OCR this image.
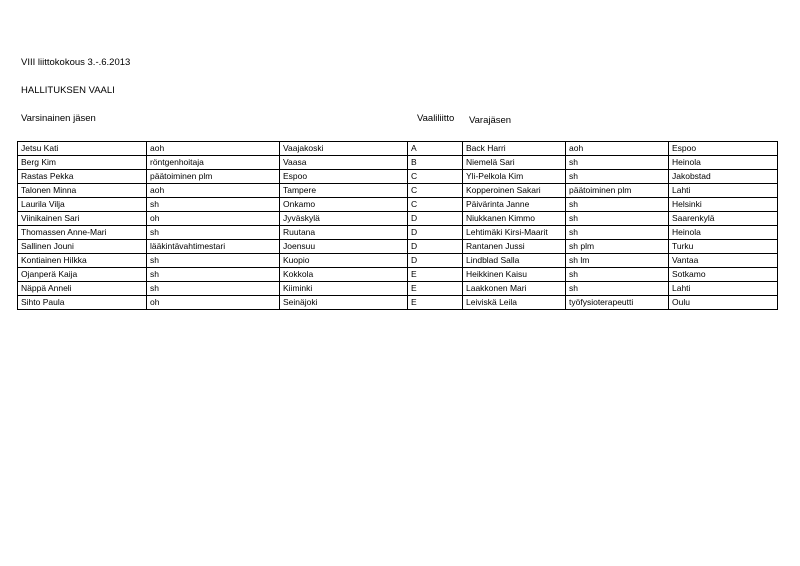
VIII liittokokous 3.-.6.2013
HALLITUKSEN VAALI
Varsinainen jäsen	Vaaliliitto Varajäsen
Jetsu Kati	aoh	Vaajakoski	A	Back Harri	aoh	Espoo
Berg Kim	röntgenhoitaja	Vaasa	B	Niemelä Sari	sh	Heinola
Rastas Pekka	päätoiminen plm	Espoo	C	Yli-Pelkola Kim	sh	Jakobstad
Talonen Minna	aoh	Tampere	C	Kopperoinen Sakari	päätoiminen plm	Lahti
Laurila Vilja	sh	Onkamo	C	Päivärinta Janne	sh	Helsinki
Viinikainen Sari	oh	Jyväskylä	D	Niukkanen Kimmo	sh	Saarenkylä
Thomassen Anne-Mari	sh	Ruutana	D	Lehtimäki Kirsi-Maarit	sh	Heinola
Sallinen Jouni	lääkintävahtimestari	Joensuu	D	Rantanen Jussi	sh plm	Turku
Kontiainen Hilkka	sh	Kuopio	D	Lindblad Salla	sh lm	Vantaa
Ojanperä Kaija	sh	Kokkola	E	Heikkinen Kaisu	sh	Sotkamo
Näppä Anneli	sh	Kiiminki	E	Laakkonen Mari	sh	Lahti
Sihto Paula	oh	Seinäjoki	E	Leiviskä Leila	työfysioterapeutti	Oulu
